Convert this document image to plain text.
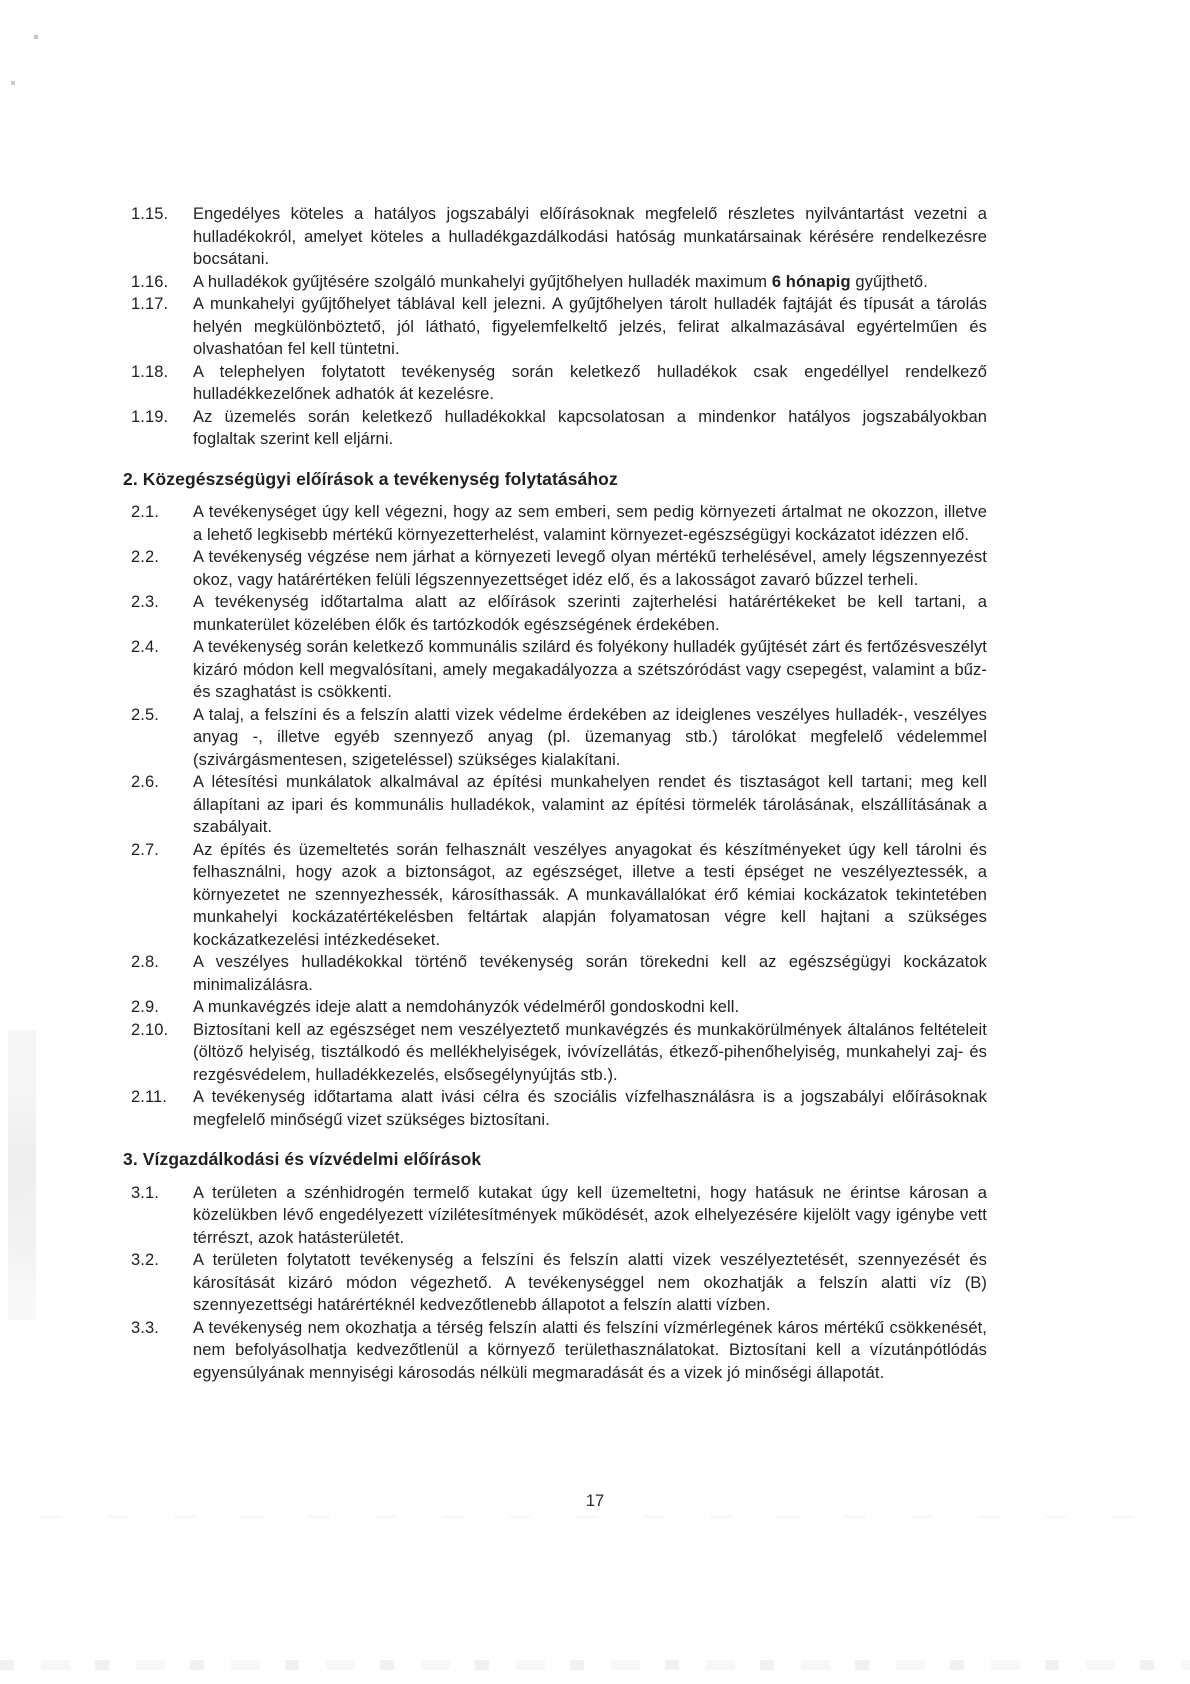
1.15.	Engedélyes köteles a hatályos jogszabályi előírásoknak megfelelő részletes nyilvántartást vezetni a hulladékokról, amelyet köteles a hulladékgazdálkodási hatóság munkatársainak kérésére rendelkezésre bocsátani.
1.16.	A hulladékok gyűjtésére szolgáló munkahelyi gyűjtőhelyen hulladék maximum 6 hónapig gyűjthető.
1.17.	A munkahelyi gyűjtőhelyet táblával kell jelezni. A gyűjtőhelyen tárolt hulladék fajtáját és típusát a tárolás helyén megkülönböztető, jól látható, figyelemfelkeltő jelzés, felirat alkalmazásával egyértelműen és olvashatóan fel kell tüntetni.
1.18.	A telephelyen folytatott tevékenység során keletkező hulladékok csak engedéllyel rendelkező hulladékkezelőnek adhatók át kezelésre.
1.19.	Az üzemelés során keletkező hulladékokkal kapcsolatosan a mindenkor hatályos jogszabályokban foglaltak szerint kell eljárni.
2. Közegészségügyi előírások a tevékenység folytatásához
2.1.	A tevékenységet úgy kell végezni, hogy az sem emberi, sem pedig környezeti ártalmat ne okozzon, illetve a lehető legkisebb mértékű környezetterhelést, valamint környezet-egészségügyi kockázatot idézzen elő.
2.2.	A tevékenység végzése nem járhat a környezeti levegő olyan mértékű terhelésével, amely légszennyezést okoz, vagy határértéken felüli légszennyezettséget idéz elő, és a lakosságot zavaró bűzzel terheli.
2.3.	A tevékenység időtartalma alatt az előírások szerinti zajterhelési határértékeket be kell tartani, a munkaterület közelében élők és tartózkodók egészségének érdekében.
2.4.	A tevékenység során keletkező kommunális szilárd és folyékony hulladék gyűjtését zárt és fertőzésveszélyt kizáró módon kell megvalósítani, amely megakadályozza a szétszóródást vagy csepegést, valamint a bűz- és szaghatást is csökkenti.
2.5.	A talaj, a felszíni és a felszín alatti vizek védelme érdekében az ideiglenes veszélyes hulladék-, veszélyes anyag -, illetve egyéb szennyező anyag (pl. üzemanyag stb.) tárolókat megfelelő védelemmel (szivárgásmentesen, szigeteléssel) szükséges kialakítani.
2.6.	A létesítési munkálatok alkalmával az építési munkahelyen rendet és tisztaságot kell tartani; meg kell állapítani az ipari és kommunális hulladékok, valamint az építési törmelék tárolásának, elszállításának a szabályait.
2.7.	Az építés és üzemeltetés során felhasznált veszélyes anyagokat és készítményeket úgy kell tárolni és felhasználni, hogy azok a biztonságot, az egészséget, illetve a testi épséget ne veszélyeztessék, a környezetet ne szennyezhessék, károsíthassák. A munkavállalókat érő kémiai kockázatok tekintetében munkahelyi kockázatértékelésben feltártak alapján folyamatosan végre kell hajtani a szükséges kockázatkezelési intézkedéseket.
2.8.	A veszélyes hulladékokkal történő tevékenység során törekedni kell az egészségügyi kockázatok minimalizálásra.
2.9.	A munkavégzés ideje alatt a nemdohányzók védelméről gondoskodni kell.
2.10.	Biztosítani kell az egészséget nem veszélyeztető munkavégzés és munkakörülmények általános feltételeit (öltöző helyiség, tisztálkodó és mellékhelyiségek, ivóvízellátás, étkező-pihenőhelyiség, munkahelyi zaj- és rezgésvédelem, hulladékkezelés, elsősegélynyújtás stb.).
2.11.	A tevékenység időtartama alatt ivási célra és szociális vízfelhasználásra is a jogszabályi előírásoknak megfelelő minőségű vizet szükséges biztosítani.
3. Vízgazdálkodási és vízvédelmi előírások
3.1.	A területen a szénhidrogén termelő kutakat úgy kell üzemeltetni, hogy hatásuk ne érintse károsan a közelükben lévő engedélyezett vízilétesítmények működését, azok elhelyezésére kijelölt vagy igénybe vett térrészt, azok hatásterületét.
3.2.	A területen folytatott tevékenység a felszíni és felszín alatti vizek veszélyeztetését, szennyezését és károsítását kizáró módon végezhető. A tevékenységgel nem okozhatják a felszín alatti víz (B) szennyezettségi határértéknél kedvezőtlenebb állapotot a felszín alatti vízben.
3.3.	A tevékenység nem okozhatja a térség felszín alatti és felszíni vízmérlegének káros mértékű csökkenését, nem befolyásolhatja kedvezőtlenül a környező területhasználatokat. Biztosítani kell a vízutánpótlódás egyensúlyának mennyiségi károsodás nélküli megmaradását és a vizek jó minőségi állapotát.
17
